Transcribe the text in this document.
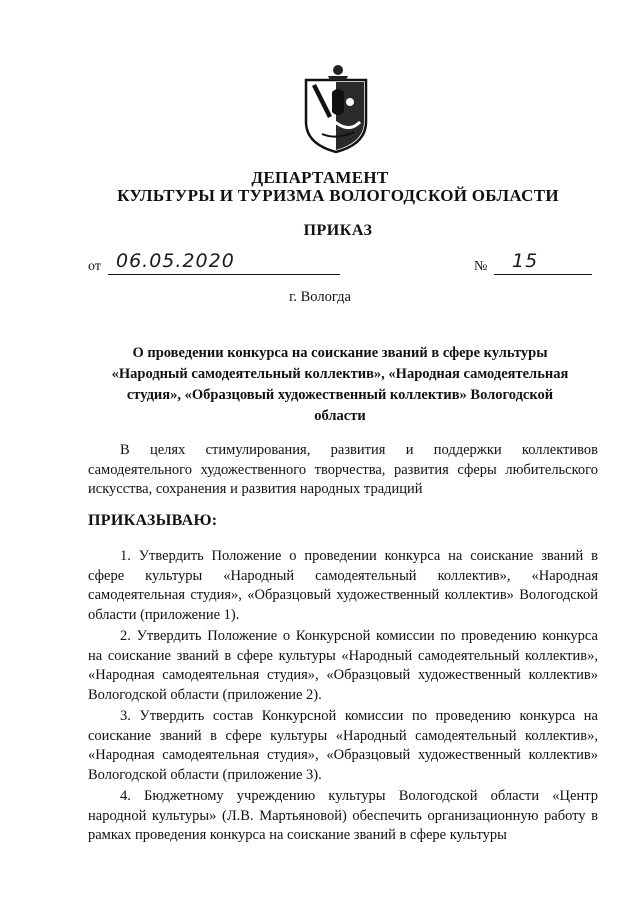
ДЕПАРТАМЕНТ
КУЛЬТУРЫ И ТУРИЗМА ВОЛОГОДСКОЙ ОБЛАСТИ
ПРИКАЗ
от 06.05.2020	№ 15
г. Вологда
О проведении конкурса на соискание званий в сфере культуры «Народный самодеятельный коллектив», «Народная самодеятельная студия», «Образцовый художественный коллектив» Вологодской области

В целях стимулирования, развития и поддержки коллективов самодеятельного художественного творчества, развития сферы любительского искусства, сохранения и развития народных традиций

ПРИКАЗЫВАЮ:

1. Утвердить Положение о проведении конкурса на соискание званий в сфере культуры «Народный самодеятельный коллектив», «Народная самодеятельная студия», «Образцовый художественный коллектив» Вологодской области (приложение 1).

2. Утвердить Положение о Конкурсной комиссии по проведению конкурса на соискание званий в сфере культуры «Народный самодеятельный коллектив», «Народная самодеятельная студия», «Образцовый художественный коллектив» Вологодской области (приложение 2).

3. Утвердить состав Конкурсной комиссии по проведению конкурса на соискание званий в сфере культуры «Народный самодеятельный коллектив», «Народная самодеятельная студия», «Образцовый художественный коллектив» Вологодской области (приложение 3).

4. Бюджетному учреждению культуры Вологодской области «Центр народной культуры» (Л.В. Мартьяновой) обеспечить организационную работу в рамках проведения конкурса на соискание званий в сфере культуры
